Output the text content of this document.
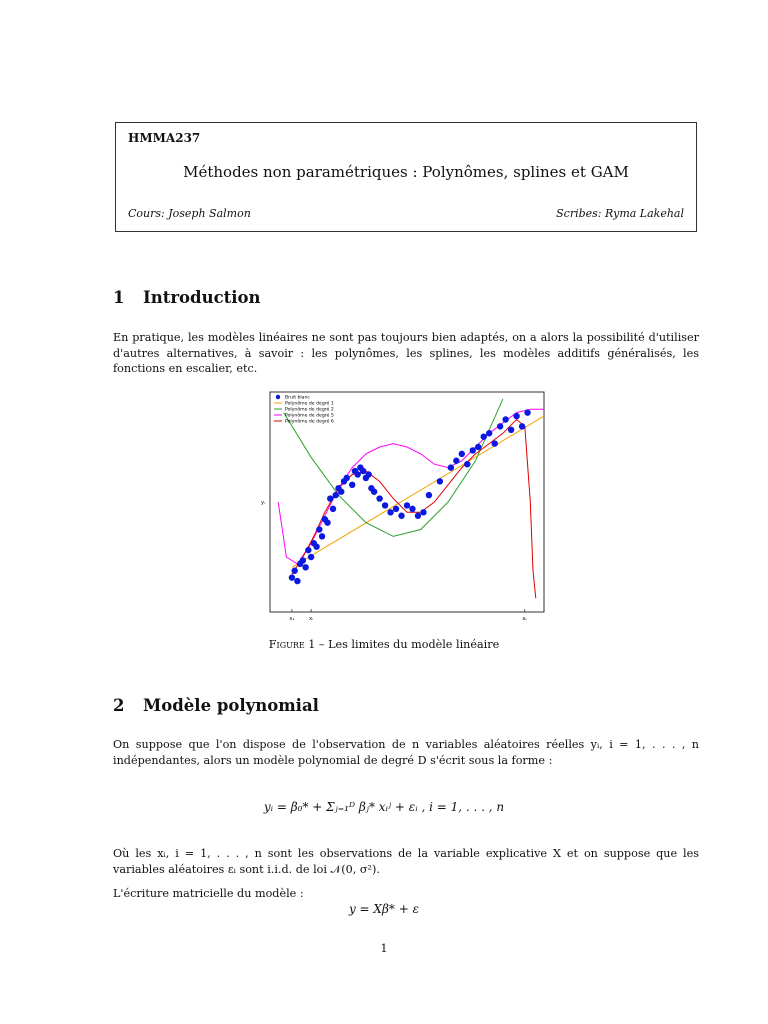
HMMA237
Méthodes non paramétriques : Polynômes, splines et GAM
Cours: Joseph Salmon	Scribes: Ryma Lakehal
1 Introduction
En pratique, les modèles linéaires ne sont pas toujours bien adaptés, on a alors la possibilité d'utiliser d'autres alternatives, à savoir : les polynômes, les splines, les modèles additifs généralisés, les fonctions en escalier, etc.
yᵢ
x₁	xᵢ	xₙ
Bruit blanc
Polynôme de degré 1
Polynôme de degré 2
Polynôme de degré 5
Polynôme de degré 6
Figure 1 – Les limites du modèle linéaire
2 Modèle polynomial
On suppose que l'on dispose de l'observation de n variables aléatoires réelles yᵢ, i = 1, . . . , n indépendantes, alors un modèle polynomial de degré D s'écrit sous la forme :
yᵢ = β₀* + Σⱼ₌₁ᴰ βⱼ* xᵢʲ + εᵢ , i = 1, . . . , n
Où les xᵢ, i = 1, . . . , n sont les observations de la variable explicative X et on suppose que les variables aléatoires εᵢ sont i.i.d. de loi 𝒩(0, σ²).
L'écriture matricielle du modèle :
y = Xβ* + ε
1
